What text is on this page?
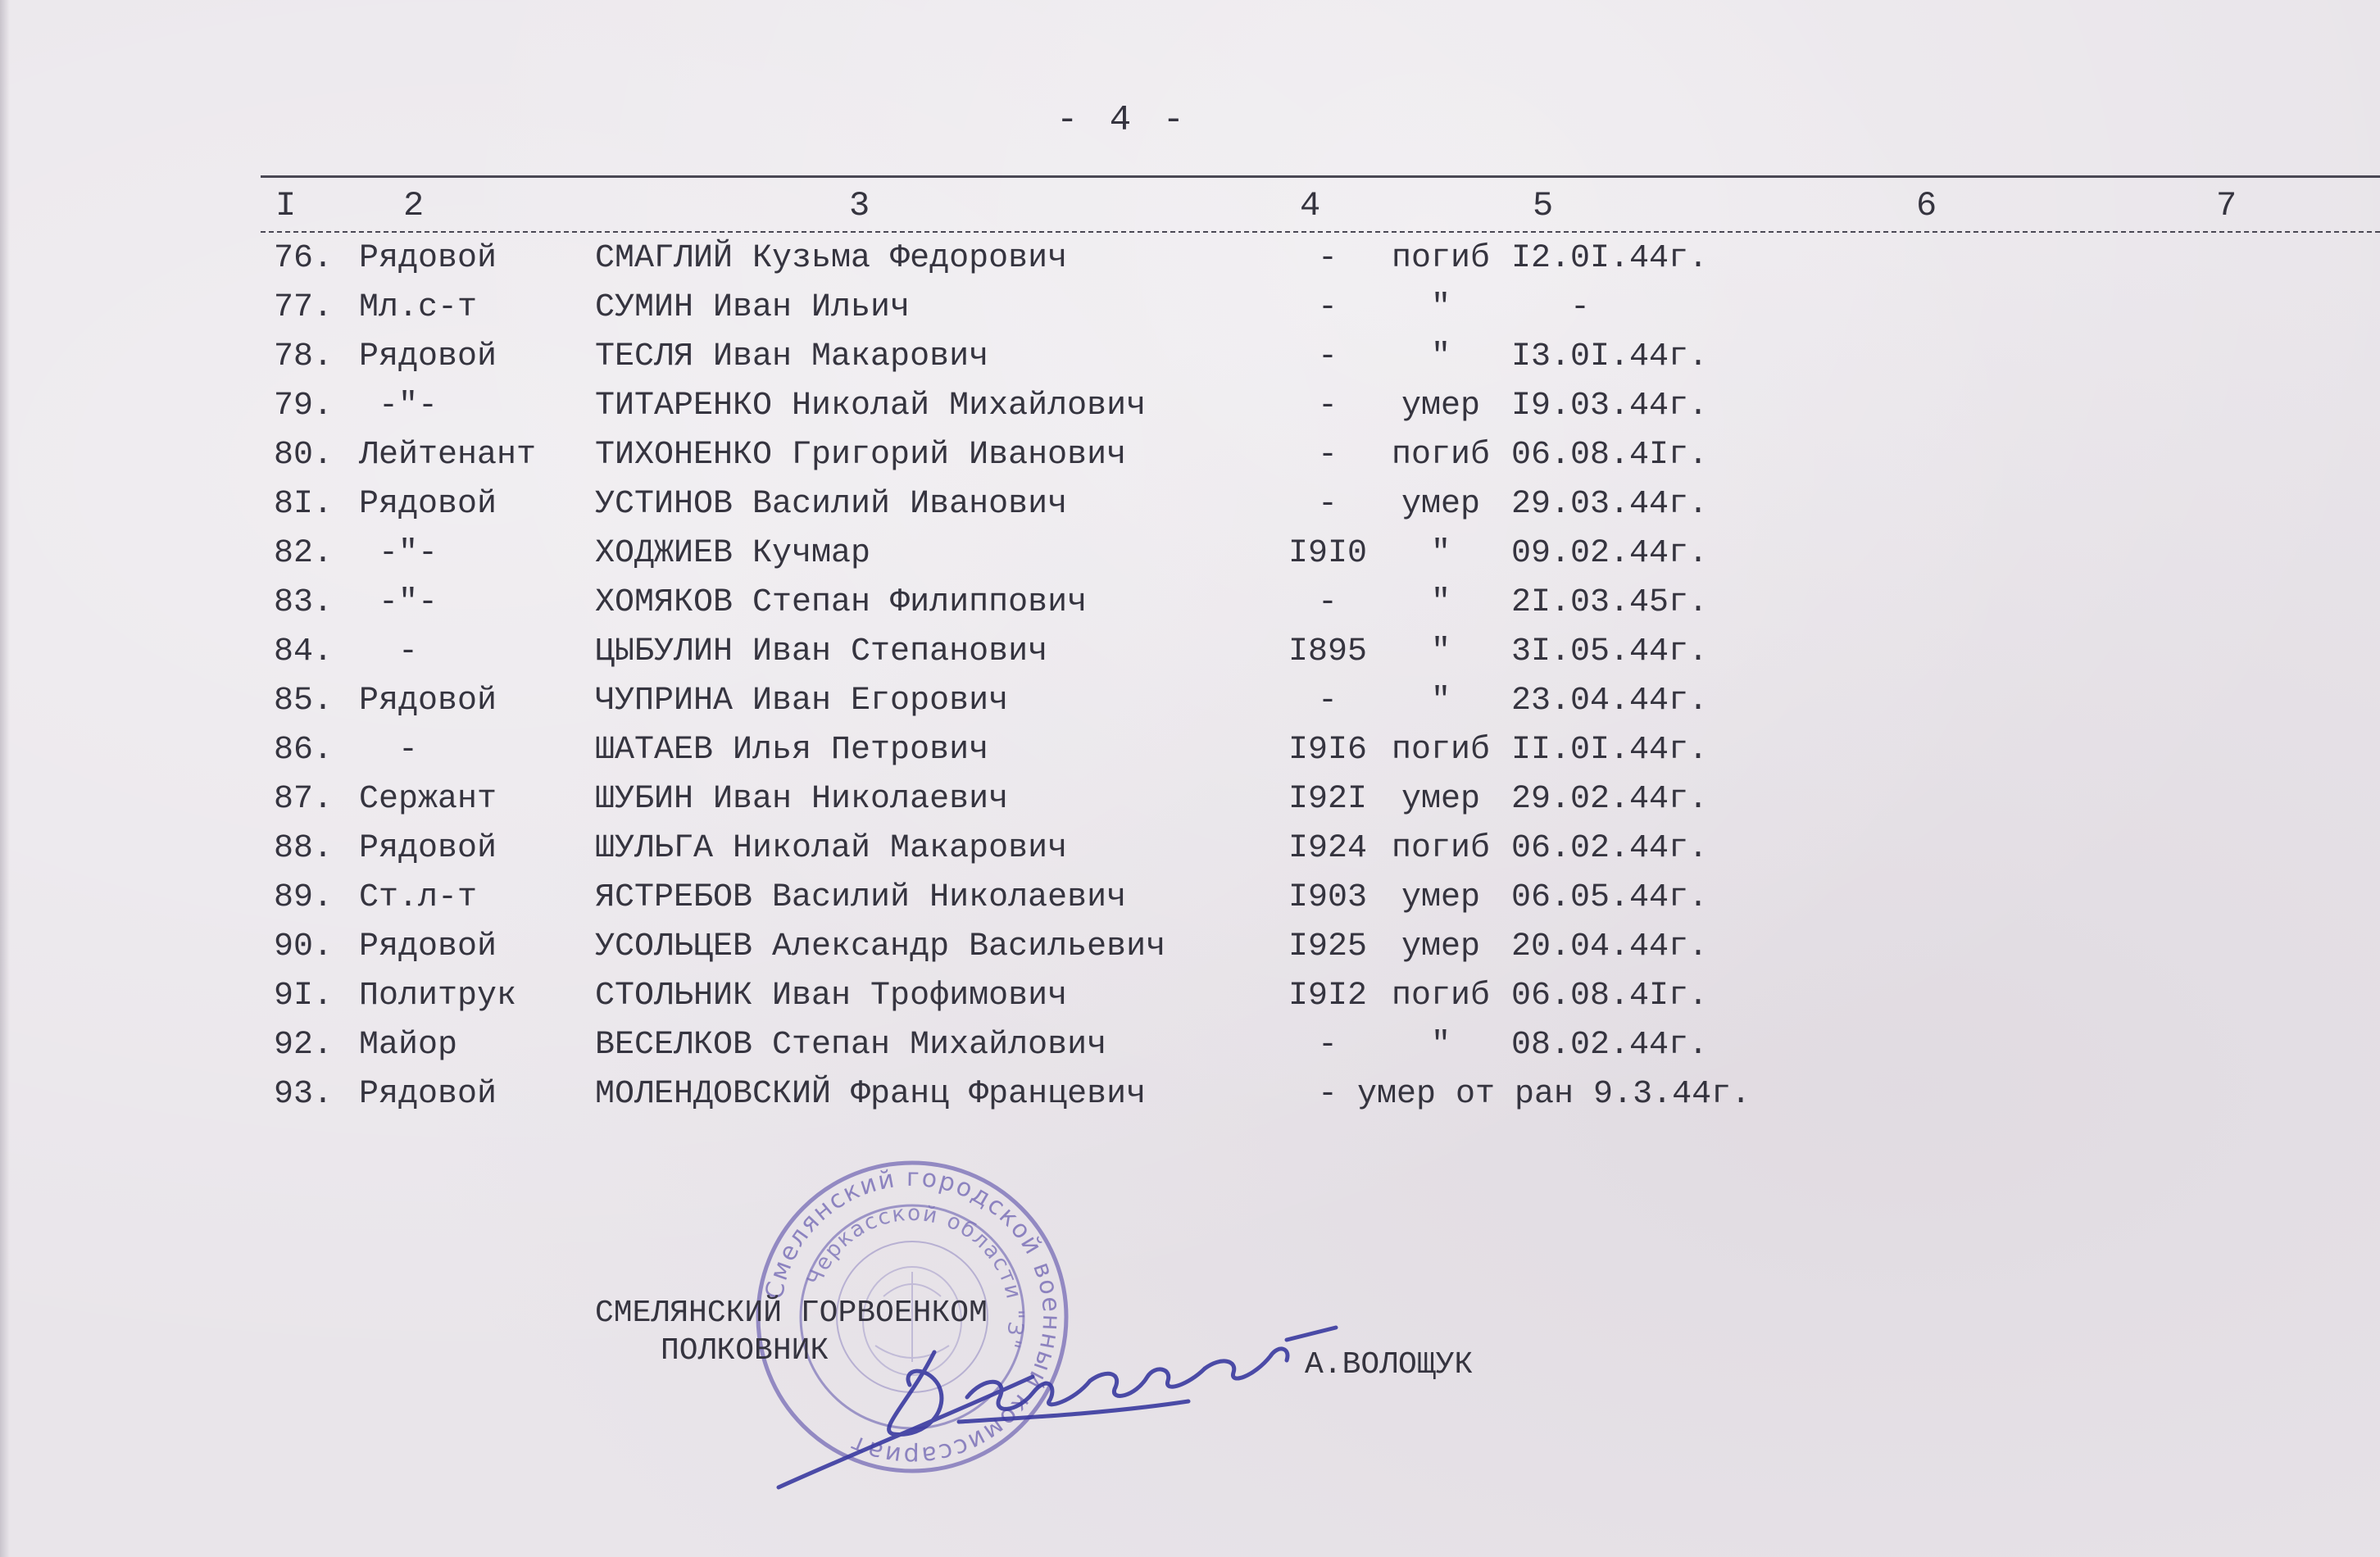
- 4 -
I	2	3	4	5	6	7
76. Рядовой	СМАГЛИЙ Кузьма Федорович	-	погиб I2.0I.44г.
77. Мл.с-т	СУМИН Иван Ильич	-	"	-
78. Рядовой	ТЕСЛЯ Иван Макарович	-	"	I3.0I.44г.
79. -"-	ТИТАРЕНКО Николай Михайлович	-	умер I9.03.44г.
80. Лейтенант ТИХОНЕНКО Григорий Иванович	-	погиб 06.08.4Iг.
8I. Рядовой	УСТИНОВ Василий Иванович	-	умер 29.03.44г.
82. -"-	ХОДЖИЕВ Кучмар	I9I0	"	09.02.44г.
83. -"-	ХОМЯКОВ Степан Филиппович	-	"	2I.03.45г.
84. -	ЦЫБУЛИН Иван Степанович	I895	"	3I.05.44г.
85. Рядовой	ЧУПРИНА Иван Егорович	-	"	23.04.44г.
86. -	ШАТАЕВ Илья Петрович	I9I6 погиб II.0I.44г.
87. Сержант	ШУБИН Иван Николаевич	I92I	умер 29.02.44г.
88. Рядовой	ШУЛЬГА Николай Макарович	I924 погиб 06.02.44г.
89. Ст.л-т	ЯСТРЕБОВ Василий Николаевич	I903	умер 06.05.44г.
90. Рядовой	УСОЛЬЦЕВ Александр Васильевич	I925	умер 20.04.44г.
9I. Политрук СТОЛЬНИК Иван Трофимович	I9I2 погиб 06.08.4Iг.
92. Майор	ВЕСЕЛКОВ Степан Михайлович	-	"	08.02.44г.
93. Рядовой	МОЛЕНДОВСКИЙ Франц Францевич	- умер от ран 9.3.44г.
Смелянский городской военный комиссариат
Черкасской области "З"
СМЕЛЯНСКИЙ ГОРВОЕНКОМ
ПОЛКОВНИК	А.ВОЛОЩУК
